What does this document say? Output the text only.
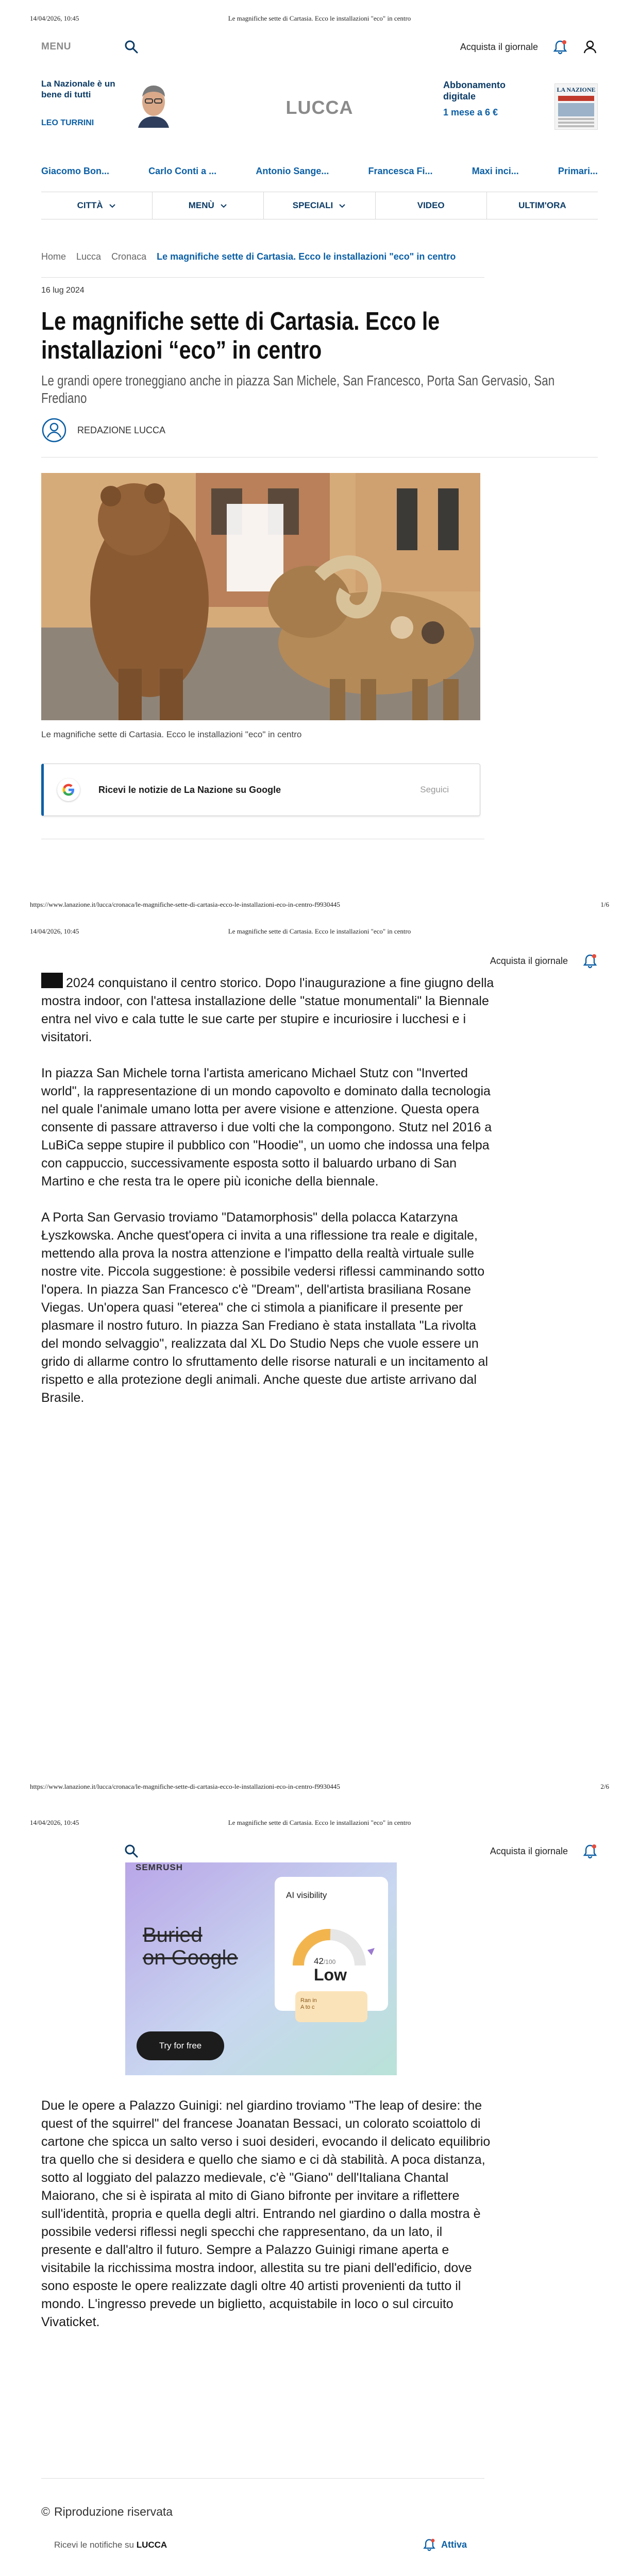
14/04/2026, 10:45	Le magnifiche sette di Cartasia. Ecco le installazioni "eco" in centro
MENU	Acquista il giornale
La Nazionale è un bene di tutti
LEO TURRINI
LUCCA
Abbonamento digitale
1 mese a 6 €
LA NAZIONE
Giacomo Bon...	Carlo Conti a ...	Antonio Sange...	Francesca Fi...	Maxi inci...	Primari...
CITTÀ	MENÙ	SPECIALI	VIDEO	ULTIM'ORA
Home Lucca Cronaca Le magnifiche sette di Cartasia. Ecco le installazioni "eco" in centro
16 lug 2024
Le magnifiche sette di Cartasia. Ecco le installazioni “eco” in centro
Le grandi opere troneggiano anche in piazza San Michele, San Francesco, Porta San Gervasio, San Frediano
REDAZIONE LUCCA
Le magnifiche sette di Cartasia. Ecco le installazioni "eco" in centro
Ricevi le notizie de La Nazione su Google	Seguici
https://www.lanazione.it/lucca/cronaca/le-magnifiche-sette-di-cartasia-ecco-le-installazioni-eco-in-centro-f9930445	1/6
14/04/2026, 10:45	Le magnifiche sette di Cartasia. Ecco le installazioni "eco" in centro
Acquista il giornale

2024 conquistano il centro storico. Dopo l'inaugurazione a fine giugno della mostra indoor, con l'attesa installazione delle "statue monumentali" la Biennale entra nel vivo e cala tutte le sue carte per stupire e incuriosire i lucchesi e i visitatori.

In piazza San Michele torna l'artista americano Michael Stutz con "Inverted world", la rappresentazione di un mondo capovolto e dominato dalla tecnologia nel quale l'animale umano lotta per avere visione e attenzione. Questa opera consente di passare attraverso i due volti che la compongono. Stutz nel 2016 a LuBiCa seppe stupire il pubblico con "Hoodie", un uomo che indossa una felpa con cappuccio, successivamente esposta sotto il baluardo urbano di San Martino e che resta tra le opere più iconiche della biennale.

A Porta San Gervasio troviamo "Datamorphosis" della polacca Katarzyna Łyszkowska. Anche quest'opera ci invita a una riflessione tra reale e digitale, mettendo alla prova la nostra attenzione e l'impatto della realtà virtuale sulle nostre vite. Piccola suggestione: è possibile vedersi riflessi camminando sotto l'opera. In piazza San Francesco c'è "Dream", dell'artista brasiliana Rosane Viegas. Un'opera quasi "eterea" che ci stimola a pianificare il presente per plasmare il nostro futuro. In piazza San Frediano è stata installata "La rivolta del mondo selvaggio", realizzata dal XL Do Studio Neps che vuole essere un grido di allarme contro lo sfruttamento delle risorse naturali e un incitamento al rispetto e alla protezione degli animali. Anche queste due artiste arrivano dal Brasile.

https://www.lanazione.it/lucca/cronaca/le-magnifiche-sette-di-cartasia-ecco-le-installazioni-eco-in-centro-f9930445	2/6
14/04/2026, 10:45	Le magnifiche sette di Cartasia. Ecco le installazioni "eco" in centro
Acquista il giornale
SEMRUSH
Buried
on Google
Try for free
AI visibility
42/100
Low
Ran in A to c

Due le opere a Palazzo Guinigi: nel giardino troviamo "The leap of desire: the quest of the squirrel" del francese Joanatan Bessaci, un colorato scoiattolo di cartone che spicca un salto verso i suoi desideri, evocando il delicato equilibrio tra quello che si desidera e quello che siamo e ci dà stabilità. A poca distanza, sotto al loggiato del palazzo medievale, c'è "Giano" dell'Italiana Chantal Maiorano, che si è ispirata al mito di Giano bifronte per invitare a riflettere sull'identità, propria e quella degli altri. Entrando nel giardino o dalla mostra è possibile vedersi riflessi negli specchi che rappresentano, da un lato, il presente e dall'altro il futuro. Sempre a Palazzo Guinigi rimane aperta e visitabile la ricchissima mostra indoor, allestita su tre piani dell'edificio, dove sono esposte le opere realizzate dagli oltre 40 artisti provenienti da tutto il mondo. L'ingresso prevede un biglietto, acquistabile in loco o sul circuito Vivaticket.

© Riproduzione riservata
Ricevi le notifiche su LUCCA	Attiva
